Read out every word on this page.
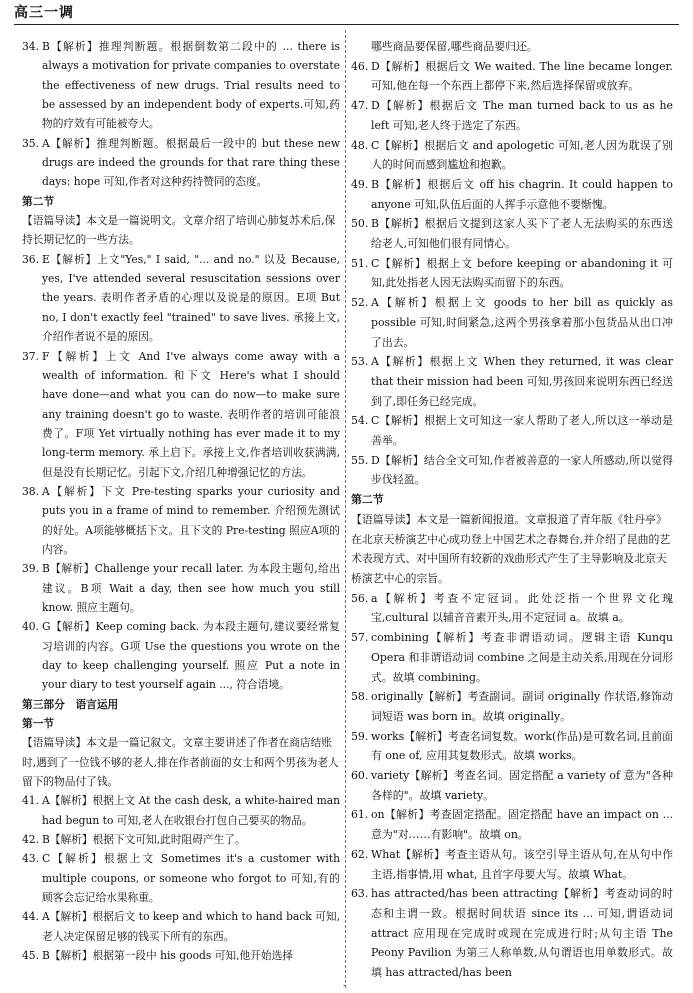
高三一调
34. B【解析】推理判断题。根据倒数第二段中的 ... there is always a motivation for private companies to overstate the effectiveness of new drugs. Trial results need to be assessed by an independent body of experts.可知,药物的疗效有可能被夸大。
35. A【解析】推理判断题。根据最后一段中的 but these new drugs are indeed the grounds for that rare thing these days: hope 可知,作者对这种药持赞同的态度。
第二节
【语篇导读】本文是一篇说明文。文章介绍了培训心肺复苏术后,保持长期记忆的一些方法。
36. E【解析】上文"Yes," I said, "... and no." 以及 Because, yes, I've attended several resuscitation sessions over the years. 表明作者矛盾的心理以及说是的原因。E项 But no, I don't exactly feel "trained" to save lives. 承接上文,介绍作者说不是的原因。
37. F【解析】上文 And I've always come away with a wealth of information. 和下文 Here's what I should have done—and what you can do now—to make sure any training doesn't go to waste. 表明作者的培训可能浪费了。F项 Yet virtually nothing has ever made it to my long-term memory. 承上启下。承接上文,作者培训收获满满,但是没有长期记忆。引起下文,介绍几种增强记忆的方法。
38. A【解析】下文 Pre-testing sparks your curiosity and puts you in a frame of mind to remember. 介绍预先测试的好处。A项能够概括下文。且下文的 Pre-testing 照应A项的内容。
39. B【解析】Challenge your recall later. 为本段主题句,给出建议。B项 Wait a day, then see how much you still know. 照应主题句。
40. G【解析】Keep coming back. 为本段主题句,建议要经常复习培训的内容。G项 Use the questions you wrote on the day to keep challenging yourself. 照应 Put a note in your diary to test yourself again ..., 符合语境。
第三部分　语言运用
第一节
【语篇导读】本文是一篇记叙文。文章主要讲述了作者在商店结账时,遇到了一位钱不够的老人,排在作者前面的女士和两个男孩为老人留下的物品付了钱。
41. A【解析】根据上文 At the cash desk, a white-haired man had begun to 可知,老人在收银台打包自己要买的物品。
42. B【解析】根据下文可知,此时阻碍产生了。
43. C【解析】根据上文 Sometimes it's a customer with multiple coupons, or someone who forgot to 可知,有的顾客会忘记给水果称重。
44. A【解析】根据后文 to keep and which to hand back 可知,老人决定保留足够的钱买下所有的东西。
45. B【解析】根据第一段中 his goods 可知,他开始选择
哪些商品要保留,哪些商品要归还。
46. D【解析】根据后文 We waited. The line became longer. 可知,他在每一个东西上都停下来,然后选择保留或放弃。
47. D【解析】根据后文 The man turned back to us as he left 可知,老人终于选定了东西。
48. C【解析】根据后文 and apologetic 可知,老人因为耽误了别人的时间而感到尴尬和抱歉。
49. B【解析】根据后文 off his chagrin. It could happen to anyone 可知,队伍后面的人挥手示意他不要惭愧。
50. B【解析】根据后文提到这家人买下了老人无法购买的东西送给老人,可知他们很有同情心。
51. C【解析】根据上文 before keeping or abandoning it 可知,此处指老人因无法购买而留下的东西。
52. A【解析】根据上文 goods to her bill as quickly as possible 可知,时间紧急,这两个男孩拿着那小包货品从出口冲了出去。
53. A【解析】根据上文 When they returned, it was clear that their mission had been 可知,男孩回来说明东西已经送到了,即任务已经完成。
54. C【解析】根据上文可知这一家人帮助了老人,所以这一举动是善举。
55. D【解析】结合全文可知,作者被善意的一家人所感动,所以觉得步伐轻盈。
第二节
【语篇导读】本文是一篇新闻报道。文章报道了青年版《牡丹亭》在北京天桥演艺中心成功登上中国艺术之春舞台,并介绍了昆曲的艺术表现方式、对中国所有较新的戏曲形式产生了主导影响及北京天桥演艺中心的宗旨。
56. a【解析】考查不定冠词。此处泛指一个世界文化瑰宝,cultural 以辅音音素开头,用不定冠词 a。故填 a。
57. combining【解析】考查非谓语动词。逻辑主语 Kunqu Opera 和非谓语动词 combine 之间是主动关系,用现在分词形式。故填 combining。
58. originally【解析】考查副词。副词 originally 作状语,修饰动词短语 was born in。故填 originally。
59. works【解析】考查名词复数。work(作品)是可数名词,且前面有 one of, 应用其复数形式。故填 works。
60. variety【解析】考查名词。固定搭配 a variety of 意为"各种各样的"。故填 variety。
61. on【解析】考查固定搭配。固定搭配 have an impact on ... 意为"对……有影响"。故填 on。
62. What【解析】考查主语从句。该空引导主语从句,在从句中作主语,指事情,用 what, 且首字母要大写。故填 What。
63. has attracted/has been attracting【解析】考查动词的时态和主谓一致。根据时间状语 since its ... 可知,谓语动词 attract 应用现在完成时或现在完成进行时;从句主语 The Peony Pavilion 为第三人称单数,从句谓语也用单数形式。故填 has attracted/has been
-
